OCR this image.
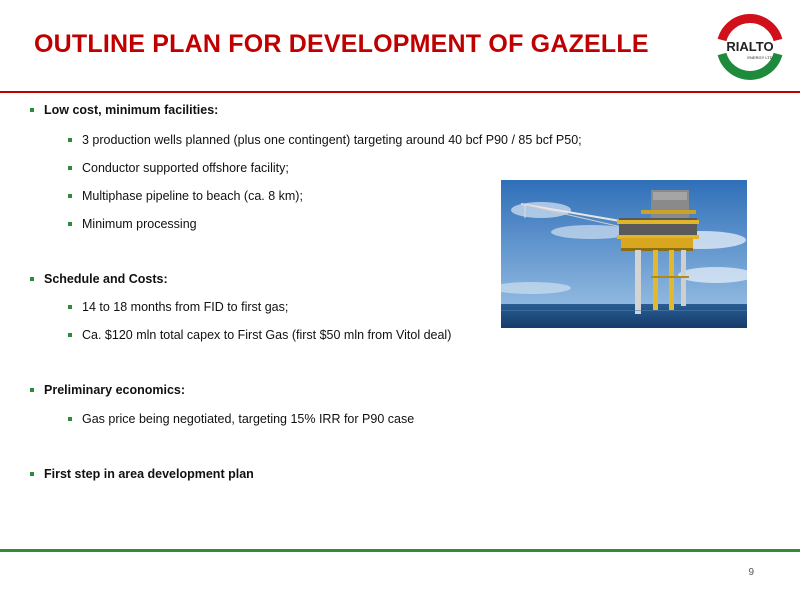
OUTLINE PLAN FOR DEVELOPMENT OF GAZELLE	RIALTO
ENERGY LTD
Low cost, minimum facilities:
3 production wells planned (plus one contingent) targeting around 40 bcf P90 / 85 bcf P50;
Conductor supported offshore facility;
Multiphase pipeline to beach (ca. 8 km);
Minimum processing
Schedule and Costs:
14 to 18 months from FID to first gas;
Ca. $120 mln total capex to First Gas (first $50 mln from Vitol deal)
Preliminary economics:
Gas price being negotiated, targeting 15% IRR for P90 case
First step in area development plan
9
